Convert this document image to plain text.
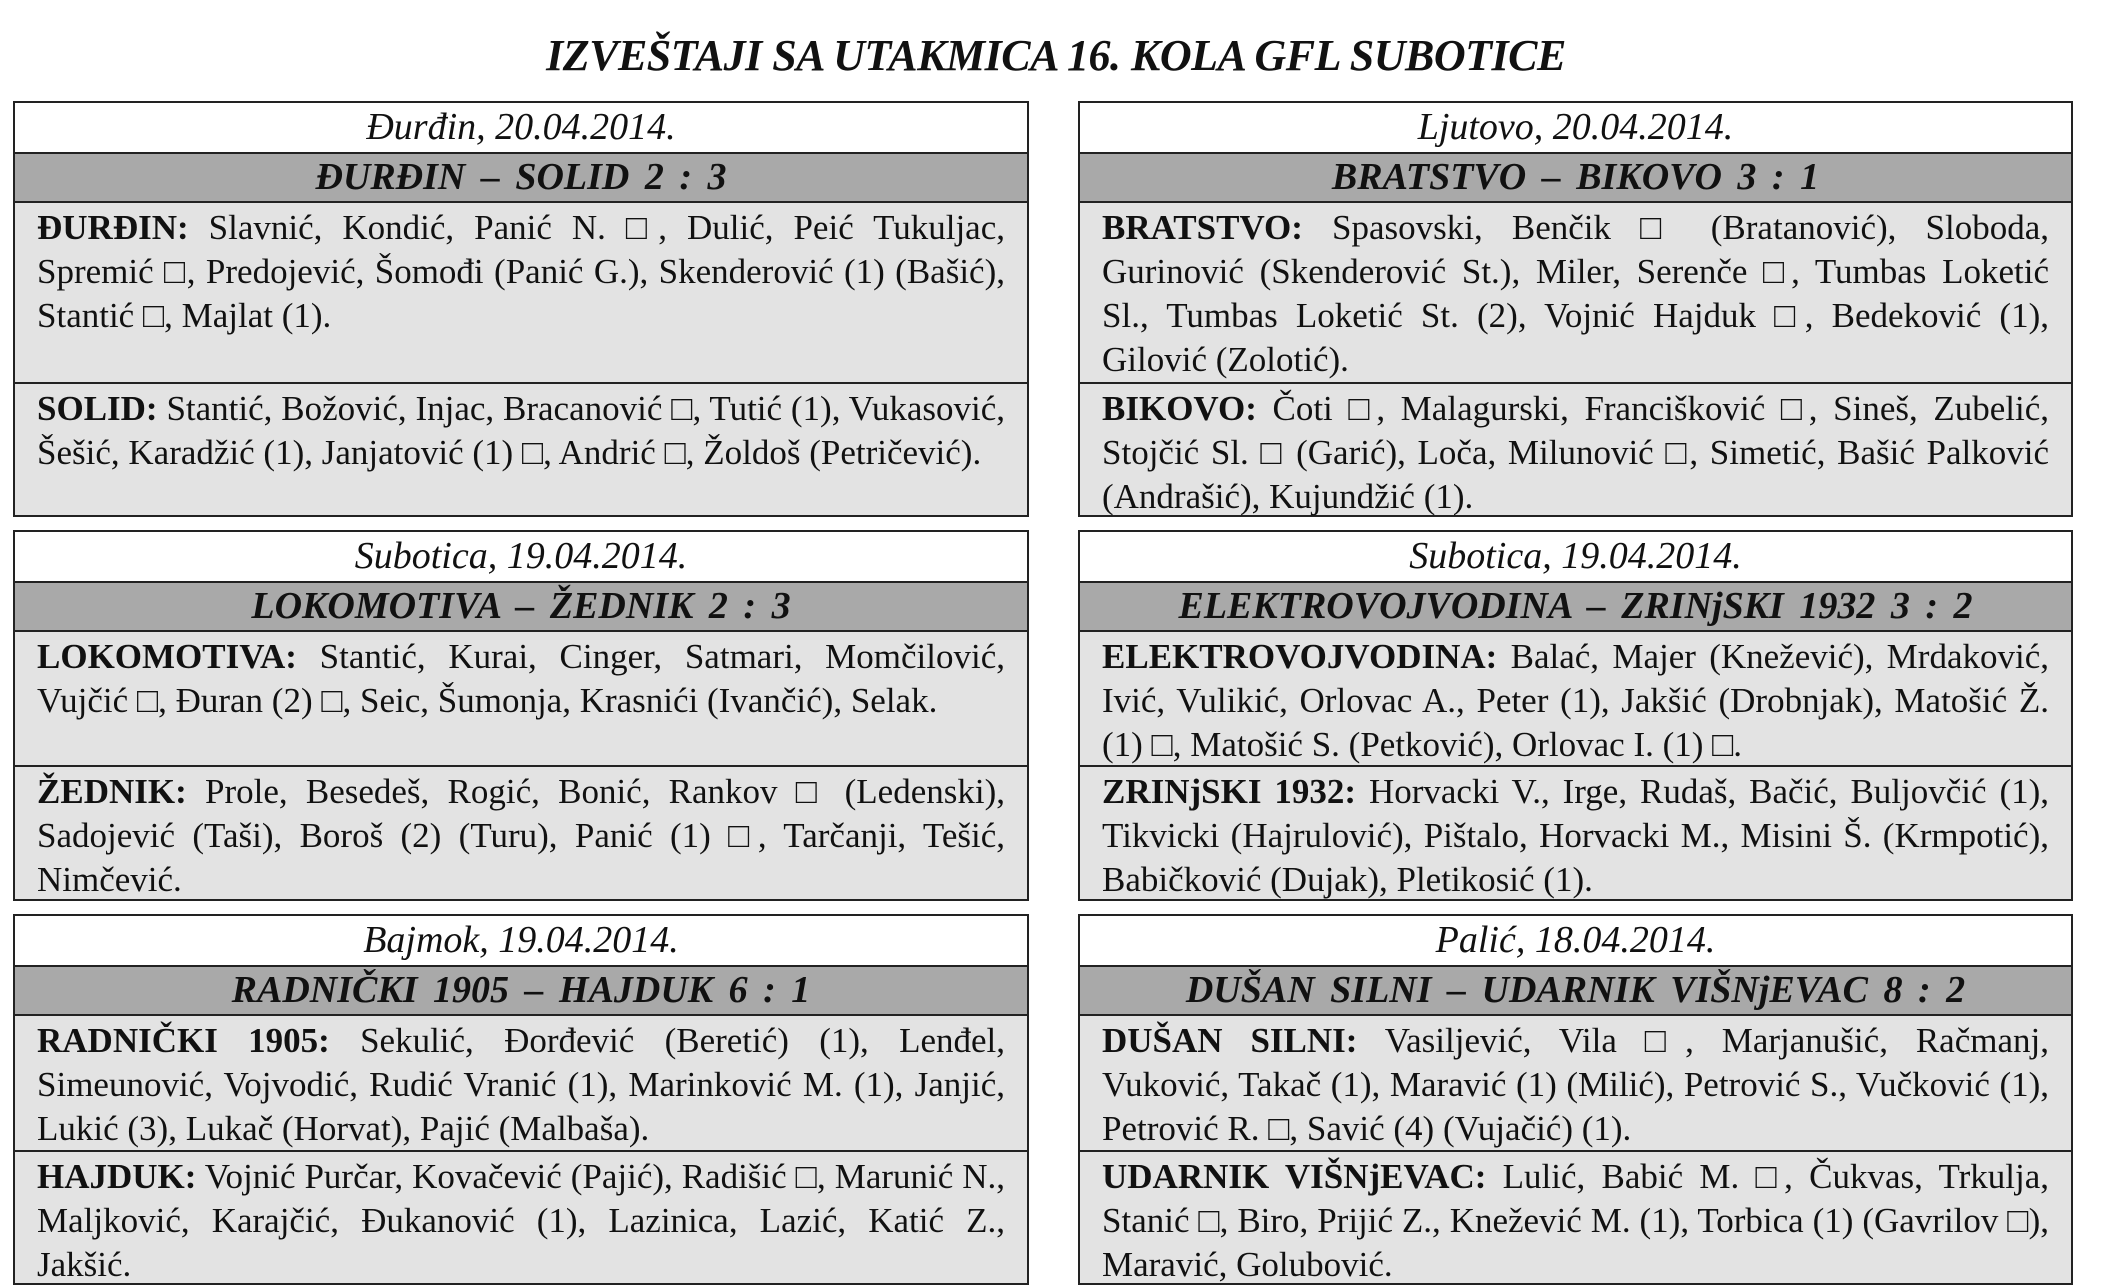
IZVEŠTAJI SA UTAKMICA 16. KOLA GFL SUBOTICE
Đurđin, 20.04.2014.
ĐURĐIN – SOLID 2 : 3
ĐURĐIN: Slavnić, Kondić, Panić N. □, Dulić, Peić Tukuljac, Spremić □, Predojević, Šomođi (Panić G.), Skenderović (1) (Bašić), Stantić □, Majlat (1).
SOLID: Stantić, Božović, Injac, Bracanović □, Tutić (1), Vukasović, Šešić, Karadžić (1), Janjatović (1) □, Andrić □, Žoldoš (Petričević).
Ljutovo, 20.04.2014.
BRATSTVO – BIKOVO 3 : 1
BRATSTVO: Spasovski, Benčik □ (Bratanović), Sloboda, Gurinović (Skenderović St.), Miler, Serenče □, Tumbas Loketić Sl., Tumbas Loketić St. (2), Vojnić Hajduk □, Bedeković (1), Gilović (Zolotić).
BIKOVO: Čoti □, Malagurski, Francišković □, Sineš, Zubelić, Stojčić Sl. □ (Garić), Loča, Milunović □, Simetić, Bašić Palković (Andrašić), Kujundžić (1).
Subotica, 19.04.2014.
LOKOMOTIVA – ŽEDNIK 2 : 3
LOKOMOTIVA: Stantić, Kurai, Cinger, Satmari, Momčilović, Vujčić □, Đuran (2) □, Seic, Šumonja, Krasnići (Ivančić), Selak.
ŽEDNIK: Prole, Besedeš, Rogić, Bonić, Rankov □ (Ledenski), Sadojević (Taši), Boroš (2) (Turu), Panić (1) □, Tarčanji, Tešić, Nimčević.
Subotica, 19.04.2014.
ELEKTROVOJVODINA – ZRINjSKI 1932 3 : 2
ELEKTROVOJVODINA: Balać, Majer (Knežević), Mrdaković, Ivić, Vulikić, Orlovac A., Peter (1), Jakšić (Drobnjak), Matošić Ž. (1) □, Matošić S. (Petković), Orlovac I. (1) □.
ZRINjSKI 1932: Horvacki V., Irge, Rudaš, Bačić, Buljovčić (1), Tikvicki (Hajrulović), Pištalo, Horvacki M., Misini Š. (Krmpotić), Babičković (Dujak), Pletikosić (1).
Bajmok, 19.04.2014.
RADNIČKI 1905 – HAJDUK 6 : 1
RADNIČKI 1905: Sekulić, Đorđević (Beretić) (1), Lenđel, Simeunović, Vojvodić, Rudić Vranić (1), Marinković M. (1), Janjić, Lukić (3), Lukač (Horvat), Pajić (Malbaša).
HAJDUK: Vojnić Purčar, Kovačević (Pajić), Radišić □, Marunić N., Maljković, Karajčić, Đukanović (1), Lazinica, Lazić, Katić Z., Jakšić.
Palić, 18.04.2014.
DUŠAN SILNI – UDARNIK VIŠNjEVAC 8 : 2
DUŠAN SILNI: Vasiljević, Vila □, Marjanušić, Račmanj, Vuković, Takač (1), Maravić (1) (Milić), Petrović S., Vučković (1), Petrović R. □, Savić (4) (Vujačić) (1).
UDARNIK VIŠNjEVAC: Lulić, Babić M. □, Čukvas, Trkulja, Stanić □, Biro, Prijić Z., Knežević M. (1), Torbica (1) (Gavrilov □), Maravić, Golubović.
